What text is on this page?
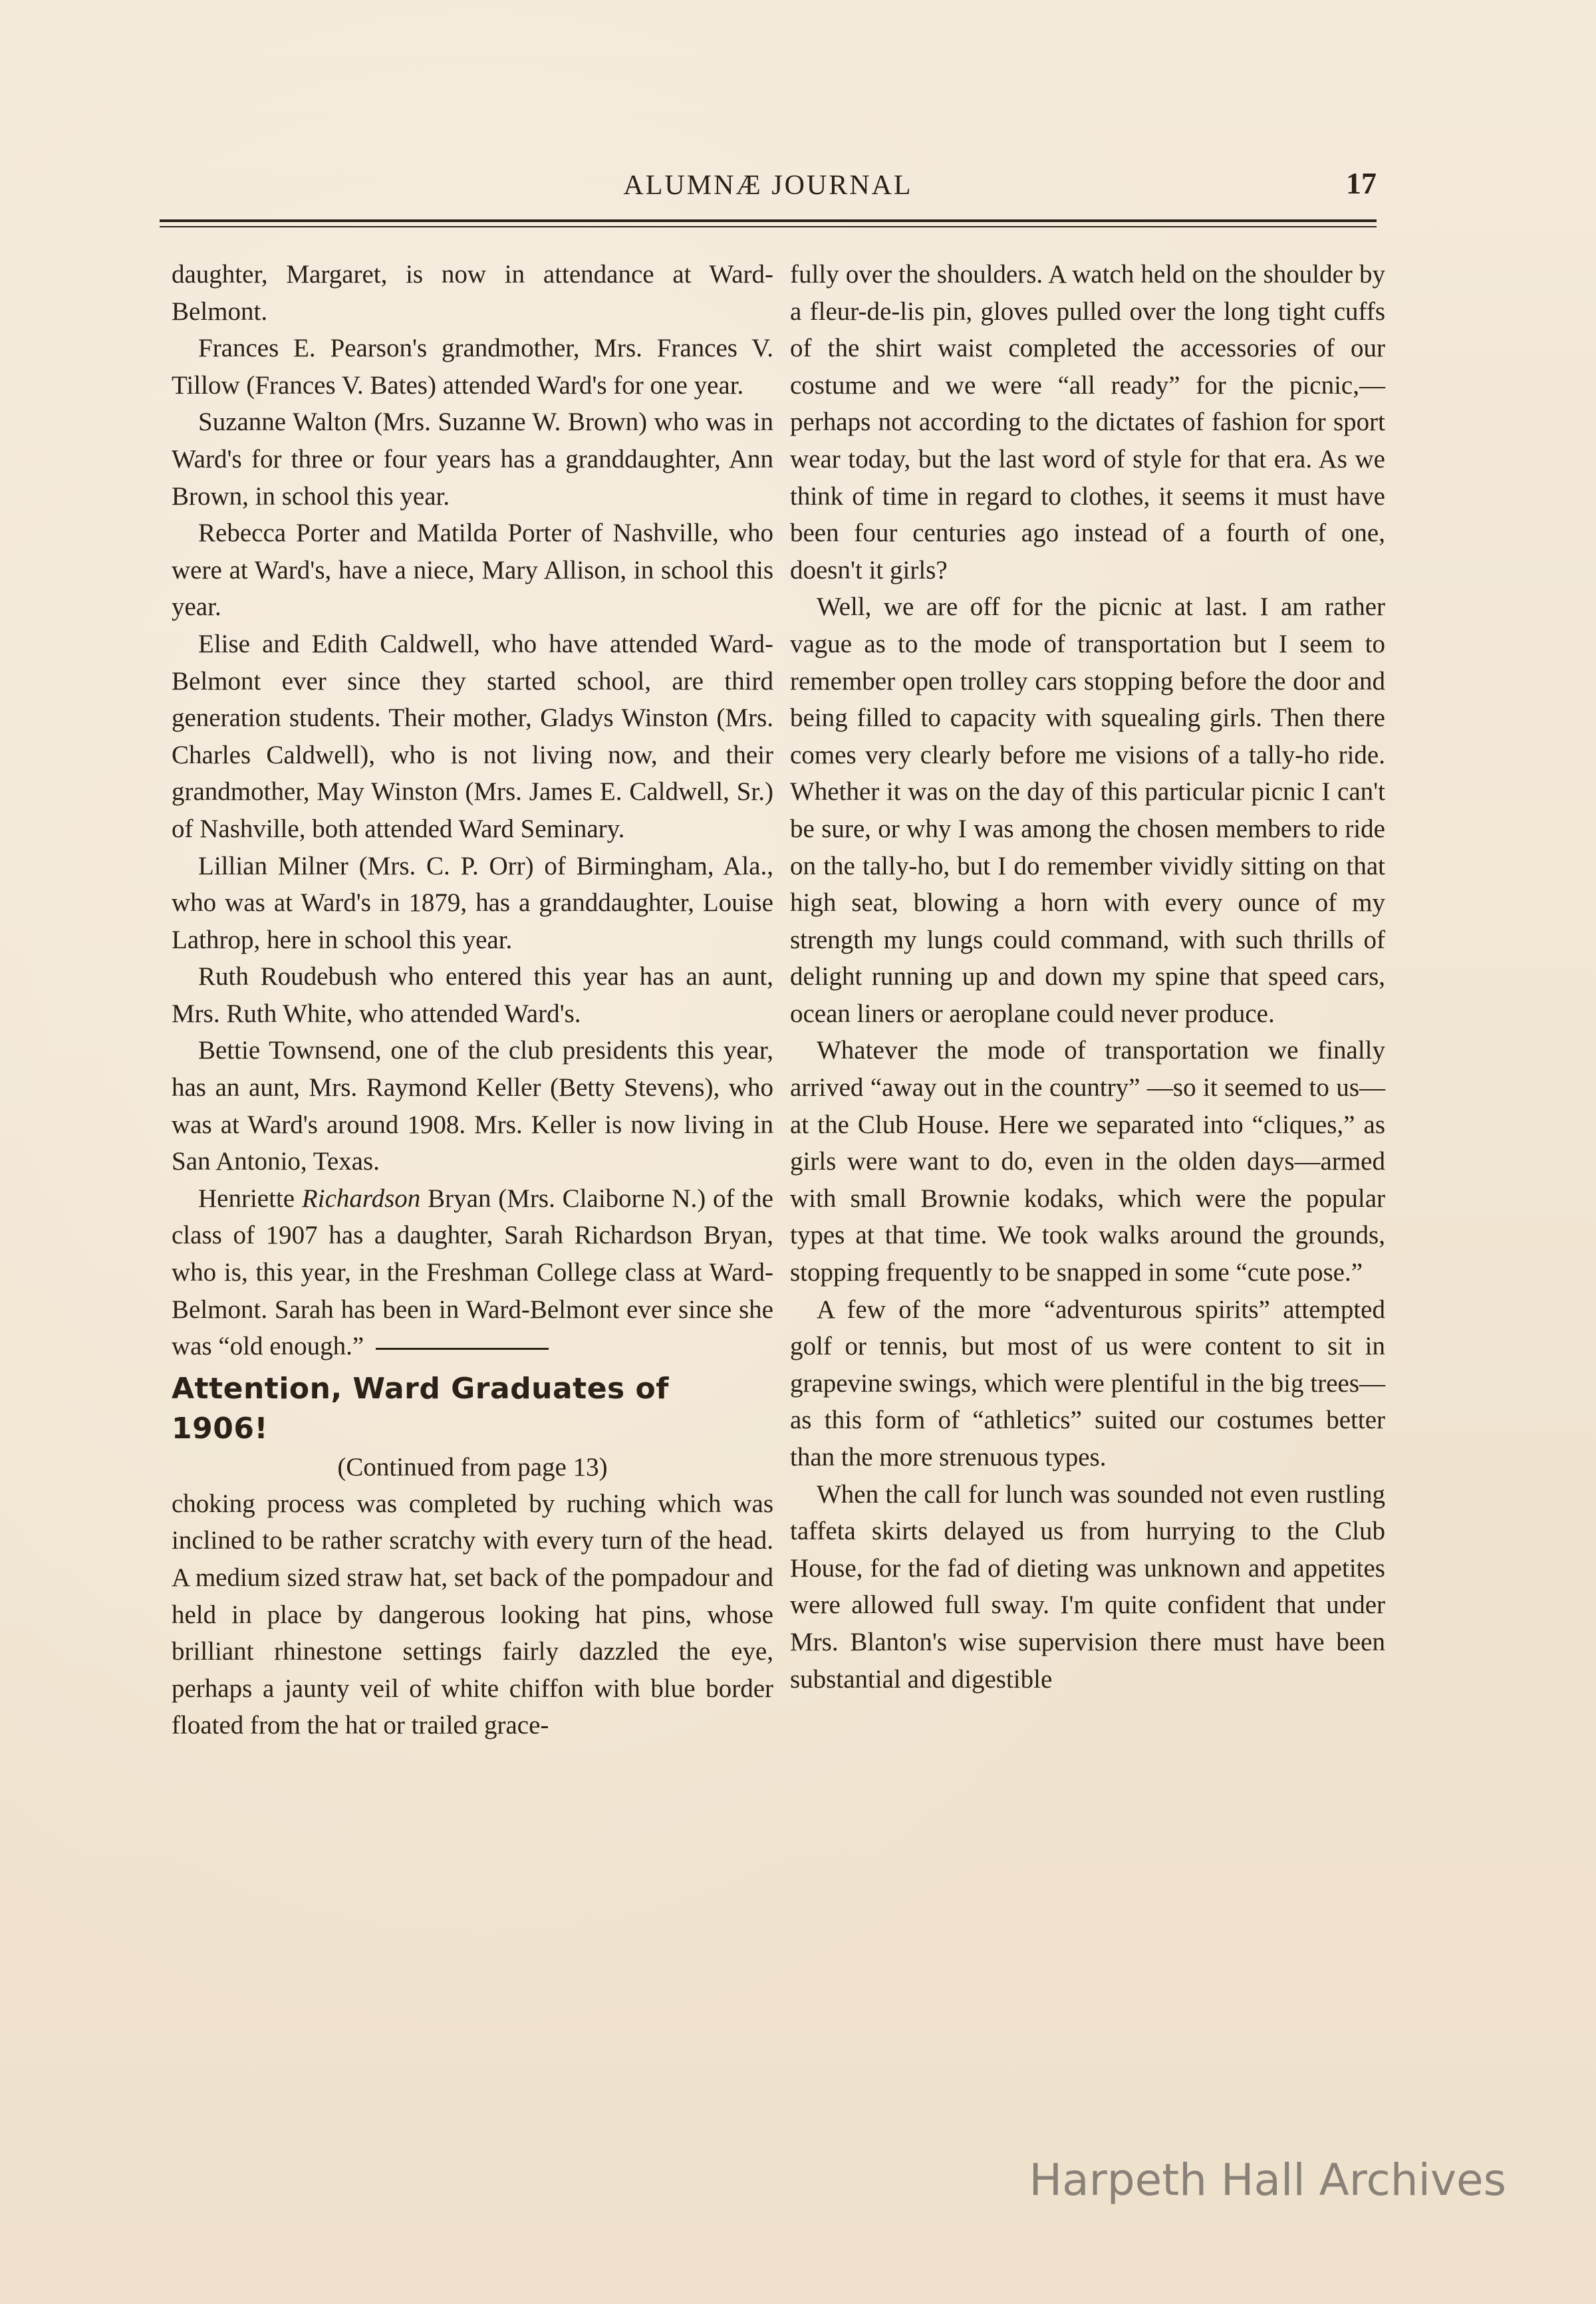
ALUMNÆ JOURNAL	17

daughter, Margaret, is now in attendance at Ward-Belmont.

Frances E. Pearson's grandmother, Mrs. Frances V. Tillow (Frances V. Bates) attended Ward's for one year.

Suzanne Walton (Mrs. Suzanne W. Brown) who was in Ward's for three or four years has a granddaughter, Ann Brown, in school this year.

Rebecca Porter and Matilda Porter of Nashville, who were at Ward's, have a niece, Mary Allison, in school this year.

Elise and Edith Caldwell, who have attended Ward-Belmont ever since they started school, are third generation students. Their mother, Gladys Winston (Mrs. Charles Caldwell), who is not living now, and their grandmother, May Winston (Mrs. James E. Caldwell, Sr.) of Nashville, both attended Ward Seminary.

Lillian Milner (Mrs. C. P. Orr) of Birmingham, Ala., who was at Ward's in 1879, has a granddaughter, Louise Lathrop, here in school this year.

Ruth Roudebush who entered this year has an aunt, Mrs. Ruth White, who attended Ward's.

Bettie Townsend, one of the club presidents this year, has an aunt, Mrs. Raymond Keller (Betty Stevens), who was at Ward's around 1908. Mrs. Keller is now living in San Antonio, Texas.

Henriette Richardson Bryan (Mrs. Claiborne N.) of the class of 1907 has a daughter, Sarah Richardson Bryan, who is, this year, in the Freshman College class at Ward-Belmont. Sarah has been in Ward-Belmont ever since she was “old enough.”

Attention, Ward Graduates of 1906!
(Continued from page 13)

choking process was completed by ruching which was inclined to be rather scratchy with every turn of the head. A medium sized straw hat, set back of the pompadour and held in place by dangerous looking hat pins, whose brilliant rhinestone settings fairly dazzled the eye, perhaps a jaunty veil of white chiffon with blue border floated from the hat or trailed grace-

fully over the shoulders. A watch held on the shoulder by a fleur-de-lis pin, gloves pulled over the long tight cuffs of the shirt waist completed the accessories of our costume and we were “all ready” for the picnic,—perhaps not according to the dictates of fashion for sport wear today, but the last word of style for that era. As we think of time in regard to clothes, it seems it must have been four centuries ago instead of a fourth of one, doesn't it girls?

Well, we are off for the picnic at last. I am rather vague as to the mode of transportation but I seem to remember open trolley cars stopping before the door and being filled to capacity with squealing girls. Then there comes very clearly before me visions of a tally-ho ride. Whether it was on the day of this particular picnic I can't be sure, or why I was among the chosen members to ride on the tally-ho, but I do remember vividly sitting on that high seat, blowing a horn with every ounce of my strength my lungs could command, with such thrills of delight running up and down my spine that speed cars, ocean liners or aeroplane could never produce.

Whatever the mode of transportation we finally arrived “away out in the country” —so it seemed to us—at the Club House. Here we separated into “cliques,” as girls were want to do, even in the olden days—armed with small Brownie kodaks, which were the popular types at that time. We took walks around the grounds, stopping frequently to be snapped in some “cute pose.”

A few of the more “adventurous spirits” attempted golf or tennis, but most of us were content to sit in grapevine swings, which were plentiful in the big trees—as this form of “athletics” suited our costumes better than the more strenuous types.

When the call for lunch was sounded not even rustling taffeta skirts delayed us from hurrying to the Club House, for the fad of dieting was unknown and appetites were allowed full sway. I'm quite confident that under Mrs. Blanton's wise supervision there must have been substantial and digestible

Harpeth Hall Archives
